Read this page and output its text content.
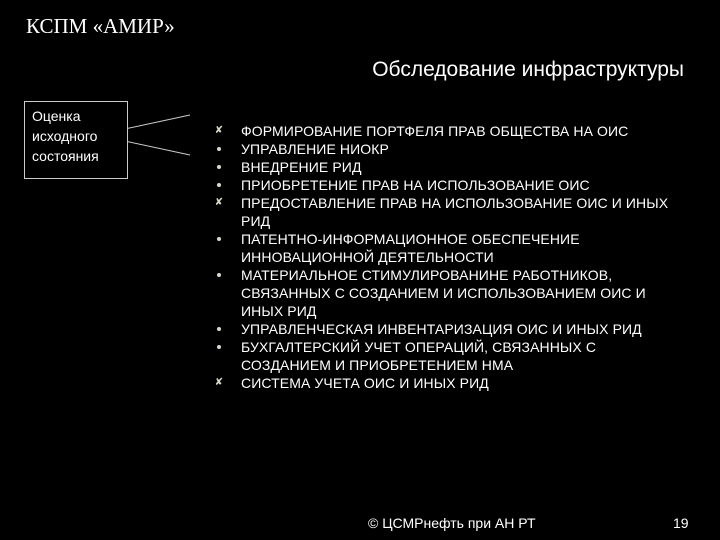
КСПМ «АМИР»
Обследование инфраструктуры
Оценка исходного состояния
✘ ФОРМИРОВАНИЕ ПОРТФЕЛЯ ПРАВ ОБЩЕСТВА НА ОИС
УПРАВЛЕНИЕ НИОКР
ВНЕДРЕНИЕ РИД
ПРИОБРЕТЕНИЕ ПРАВ НА ИСПОЛЬЗОВАНИЕ ОИС
✘ ПРЕДОСТАВЛЕНИЕ ПРАВ НА ИСПОЛЬЗОВАНИЕ ОИС И ИНЫХ РИД
ПАТЕНТНО-ИНФОРМАЦИОННОЕ ОБЕСПЕЧЕНИЕ ИННОВАЦИОННОЙ ДЕЯТЕЛЬНОСТИ
МАТЕРИАЛЬНОЕ СТИМУЛИРОВАНИНЕ РАБОТНИКОВ, СВЯЗАННЫХ С СОЗДАНИЕМ И ИСПОЛЬЗОВАНИЕМ ОИС И ИНЫХ РИД
УПРАВЛЕНЧЕСКАЯ ИНВЕНТАРИЗАЦИЯ ОИС И ИНЫХ РИД
БУХГАЛТЕРСКИЙ УЧЕТ ОПЕРАЦИЙ, СВЯЗАННЫХ С СОЗДАНИЕМ И ПРИОБРЕТЕНИЕМ НМА
✘ СИСТЕМА УЧЕТА ОИС И ИНЫХ РИД
© ЦСМРнефть при АН РТ	19
